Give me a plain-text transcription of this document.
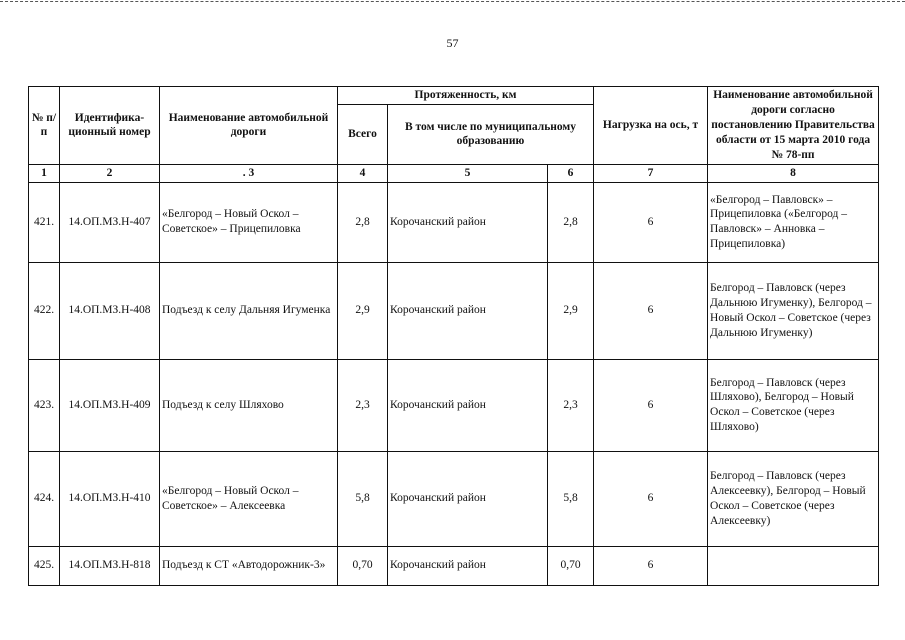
57
№ п/п	Идентифика-ционный номер	Наименование автомобильной дороги	Протяженность, км			Нагрузка на ось, т	Наименование автомобильной дороги согласно постановлению Правительства области от 15 марта 2010 года № 78-пп
			Всего	В том числе по муниципальному образованию			
1	2	. 3	4	5	6	7	8
421.	14.ОП.МЗ.Н-407	«Белгород – Новый Оскол – Советское» – Прицепиловка	2,8	Корочанский район	2,8	6	«Белгород – Павловск» – Прицепиловка («Белгород – Павловск» – Анновка – Прицепиловка)
422.	14.ОП.МЗ.Н-408	Подъезд к селу Дальняя Игуменка	2,9	Корочанский район	2,9	6	Белгород – Павловск (через Дальнюю Игуменку), Белгород – Новый Оскол – Советское (через Дальнюю Игуменку)
423.	14.ОП.МЗ.Н-409	Подъезд к селу Шляхово	2,3	Корочанский район	2,3	6	Белгород – Павловск (через Шляхово), Белгород – Новый Оскол – Советское (через Шляхово)
424.	14.ОП.МЗ.Н-410	«Белгород – Новый Оскол – Советское» – Алексеевка	5,8	Корочанский район	5,8	6	Белгород – Павловск (через Алексеевку), Белгород – Новый Оскол – Советское (через Алексеевку)
425.	14.ОП.МЗ.Н-818	Подъезд к СТ «Автодорожник-3»	0,70	Корочанский район	0,70	6	
